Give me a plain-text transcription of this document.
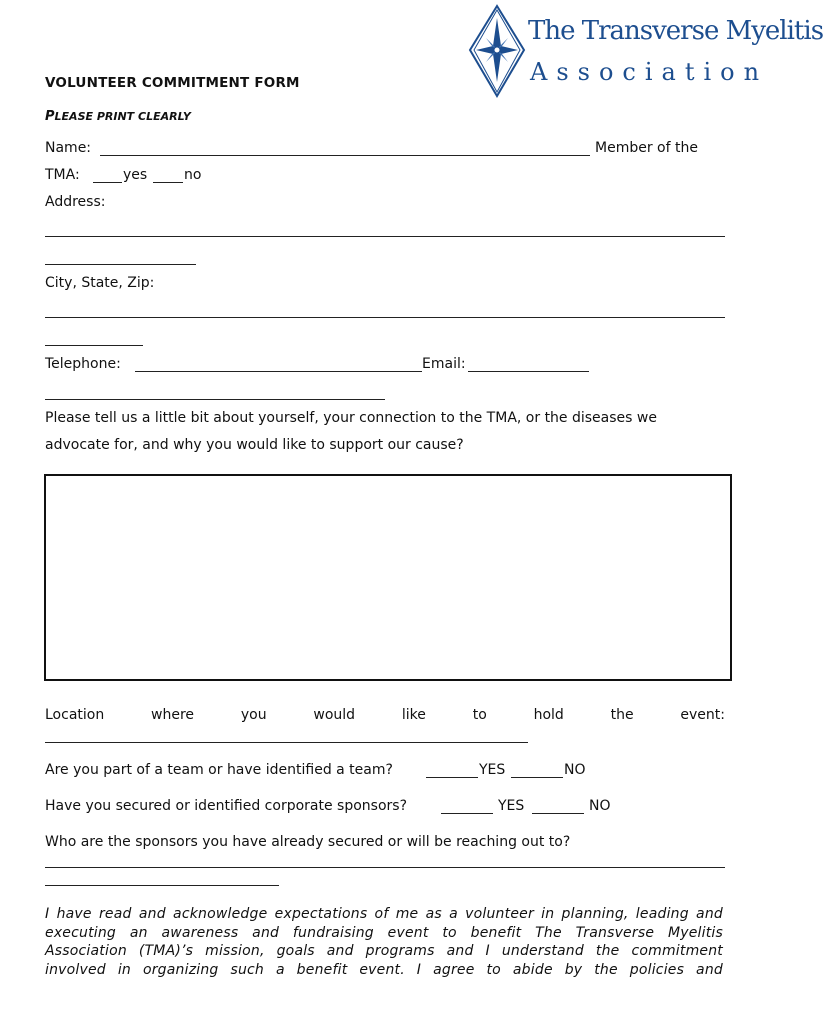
The Transverse Myelitis
Association
VOLUNTEER COMMITMENT FORM
PLEASE PRINT CLEARLY
Name:	Member of the
TMA:	yes	no
Address:
City, State, Zip:
Telephone:	Email:
Please tell us a little bit about yourself, your connection to the TMA, or the diseases we
advocate for, and why you would like to support our cause?
Location	where	you	would	like	to	hold	the	event:
Are you part of a team or have identified a team?	YES	NO
Have you secured or identified corporate sponsors?	YES	NO
Who are the sponsors you have already secured or will be reaching out to?
I have read and acknowledge expectations of me as a volunteer in planning, leading and
executing an awareness and fundraising event to benefit The Transverse Myelitis
Association (TMA)’s mission, goals and programs and I understand the commitment
involved in organizing such a benefit event. I agree to abide by the policies and
